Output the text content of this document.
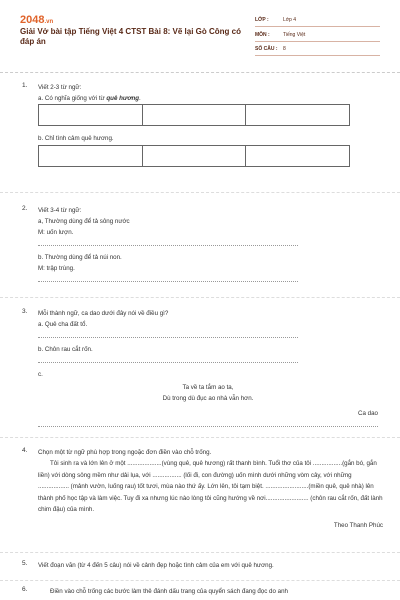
2048.vn
Giải Vở bài tập Tiếng Việt 4 CTST Bài 8: Vẽ lại Gò Công có đáp án
LỚP :	Lớp 4
MÔN :	Tiếng Việt
SỐ CÂU : 8
1. Viết 2-3 từ ngữ:
a. Có nghĩa giống với từ quê hương.

b. Chỉ tình cảm quê hương.

2. Viết 3-4 từ ngữ:
a, Thường dùng để tả sông nước
M: uốn lượn.
b. Thường dùng để tả núi non.
M: trập trùng.
3. Mỗi thành ngữ, ca dao dưới đây nói về điều gì?
a. Quê cha đất tổ.
b. Chôn rau cắt rốn.
c.
Ta về ta tắm ao ta,
Dù trong dù đục ao nhà vẫn hơn.
Ca dao
4. Chọn một từ ngữ phù hợp trong ngoặc đơn điền vào chỗ trống.
Tôi sinh ra và lớn lên ở một ....................(vùng quê, quê hương) rất thanh bình. Tuổi thơ của tôi .................(gắn bó, gắn liền) với dòng sông mềm như dải lụa, với ................. (lối đi, con đường) uốn mình dưới những vòm cây, với những .................. (mảnh vườn, luống rau) tốt tươi, mùa nào thứ ấy. Lớn lên, tôi tạm biệt. .........................(miền quê, quê nhà) lên thành phố học tập và làm việc. Tuy đi xa nhưng lúc nào lòng tôi cũng hướng về nơi......................... (chôn rau cắt rốn, đất lành chim đậu) của mình.
Theo Thanh Phúc
5. Viết đoạn văn (từ 4 đến 5 câu) nói về cảnh đẹp hoặc tình cảm của em với quê hương.
6.	Điền vào chỗ trống các bước làm thẻ đánh dấu trang của quyển sách đang đọc do anh
